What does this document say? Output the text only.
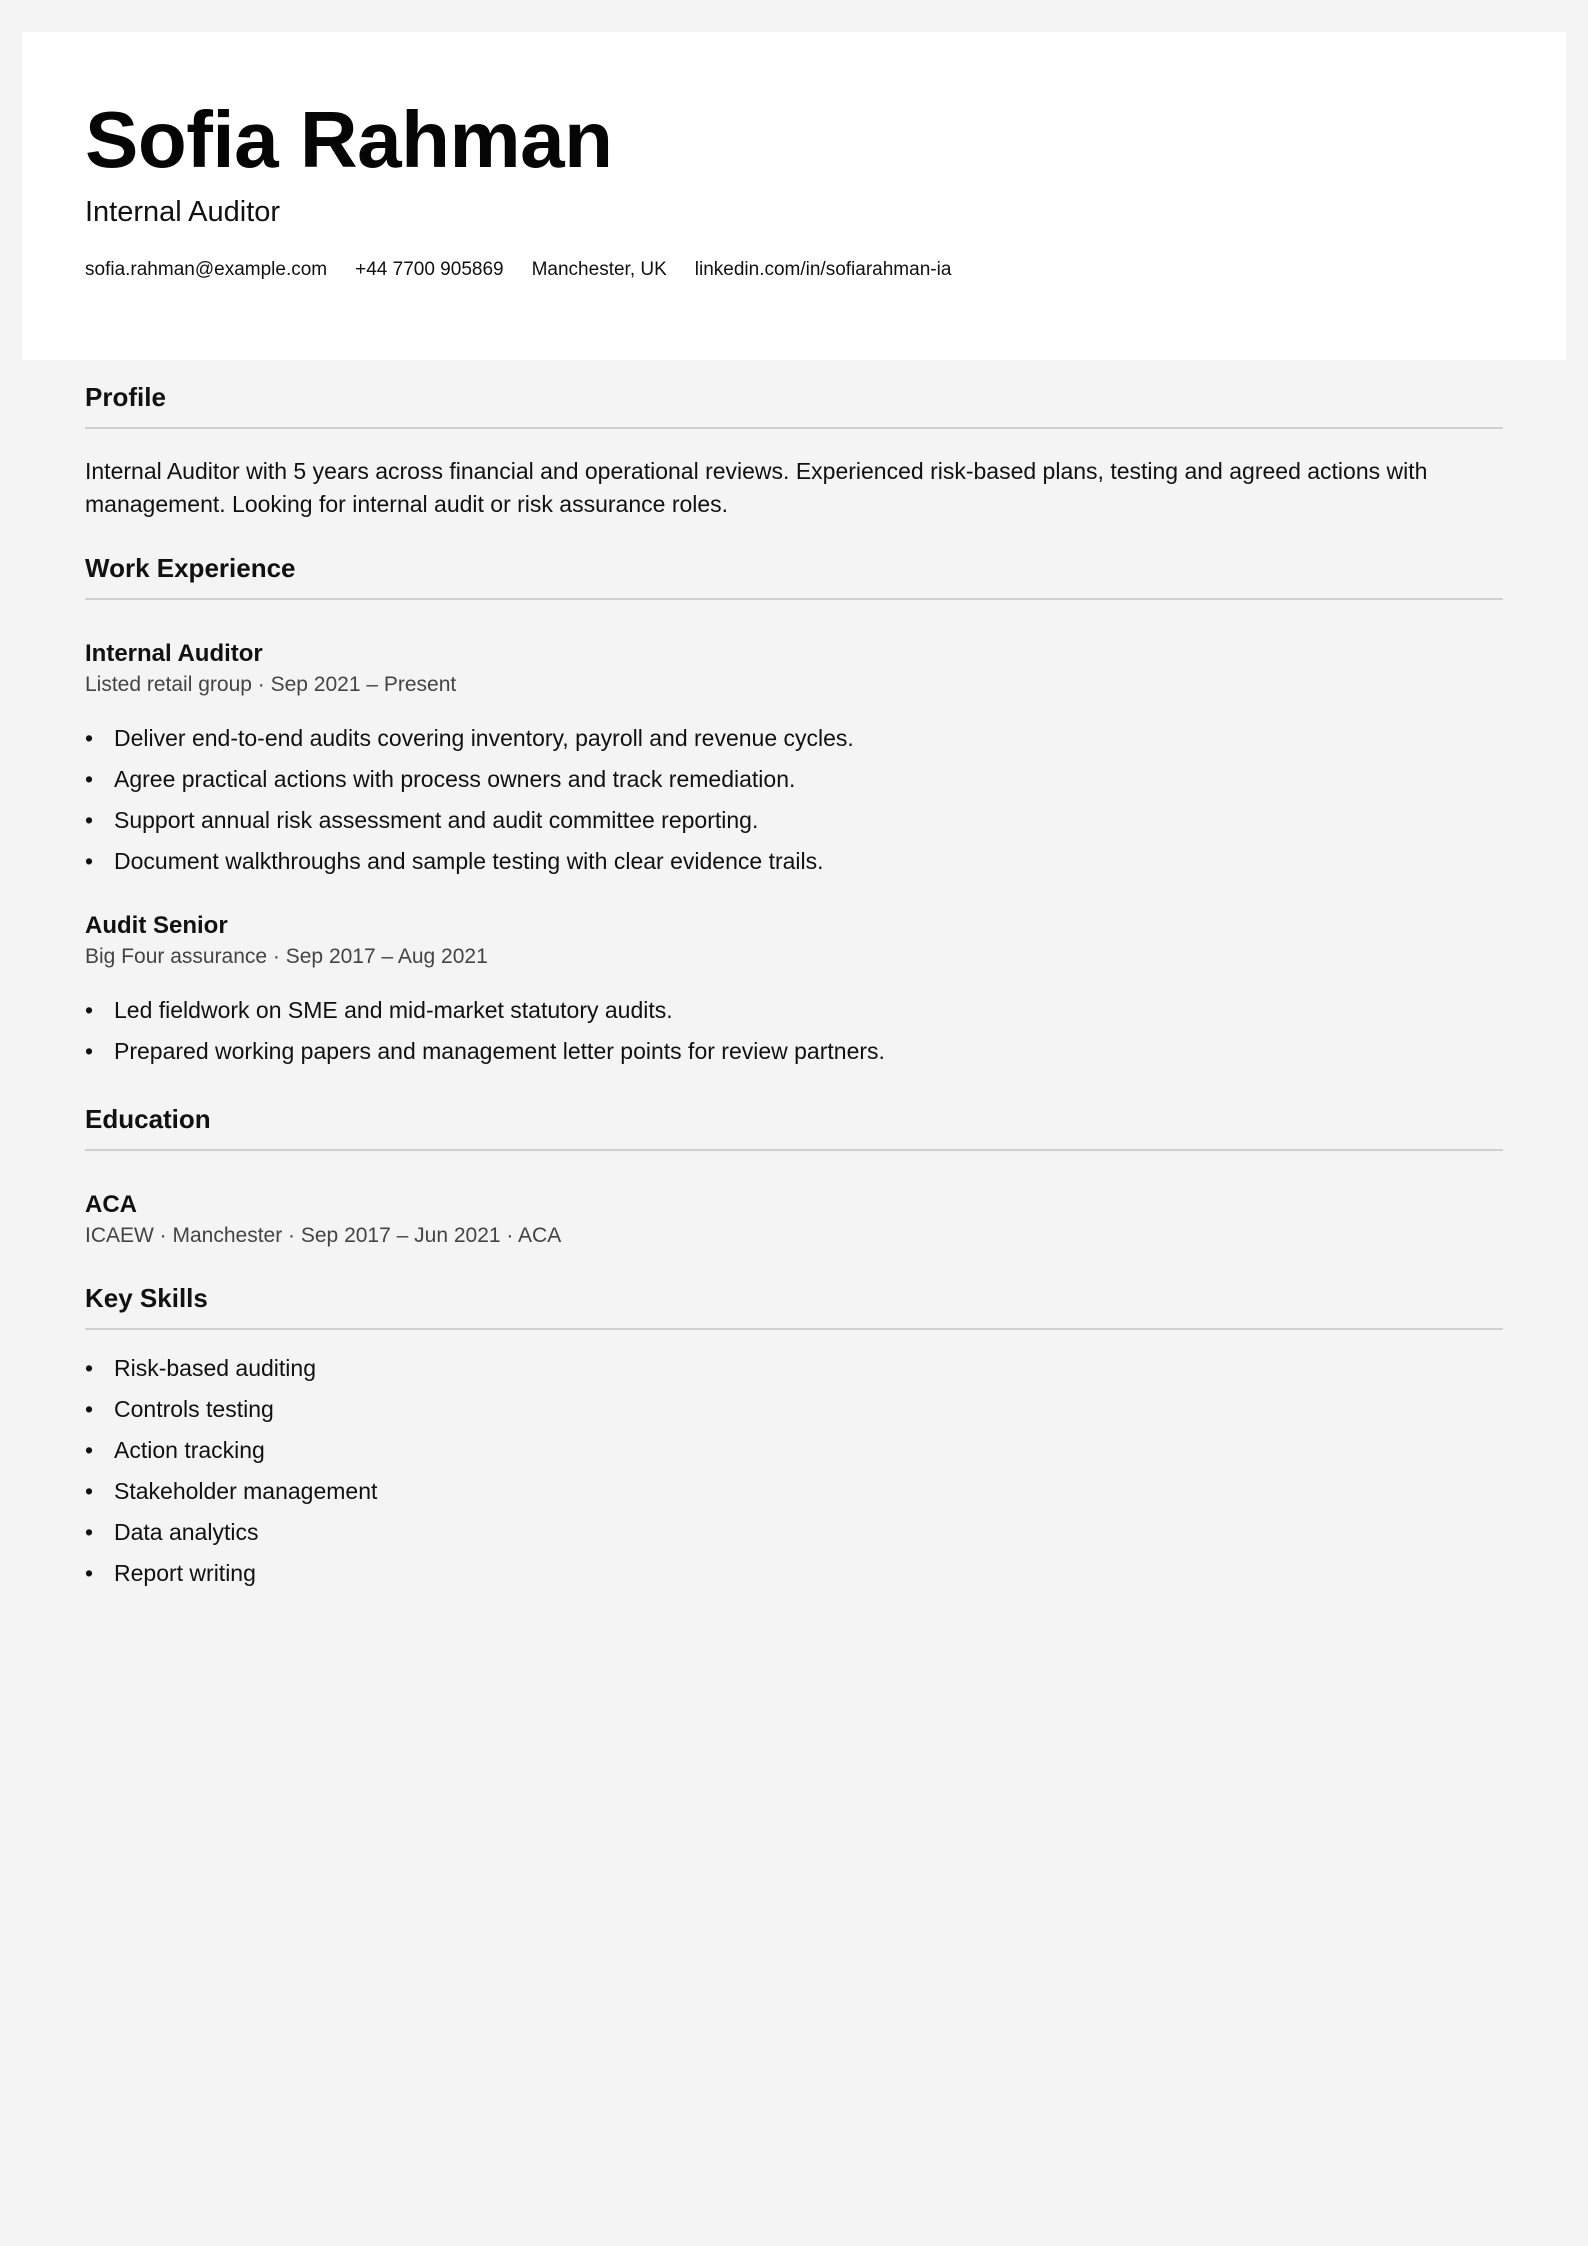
Sofia Rahman
Internal Auditor
sofia.rahman@example.com +44 7700 905869 Manchester, UK linkedin.com/in/sofiarahman-ia
Profile

Internal Auditor with 5 years across financial and operational reviews. Experienced risk-based plans, testing and agreed actions with management. Looking for internal audit or risk assurance roles.

Work Experience
Internal Auditor
Listed retail group · Sep 2021 – Present
• Deliver end-to-end audits covering inventory, payroll and revenue cycles.
• Agree practical actions with process owners and track remediation.
• Support annual risk assessment and audit committee reporting.
• Document walkthroughs and sample testing with clear evidence trails.
Audit Senior
Big Four assurance · Sep 2017 – Aug 2021
• Led fieldwork on SME and mid-market statutory audits.
• Prepared working papers and management letter points for review partners.
Education
ACA
ICAEW · Manchester · Sep 2017 – Jun 2021 · ACA
Key Skills
• Risk-based auditing
• Controls testing
• Action tracking
• Stakeholder management
• Data analytics
• Report writing
